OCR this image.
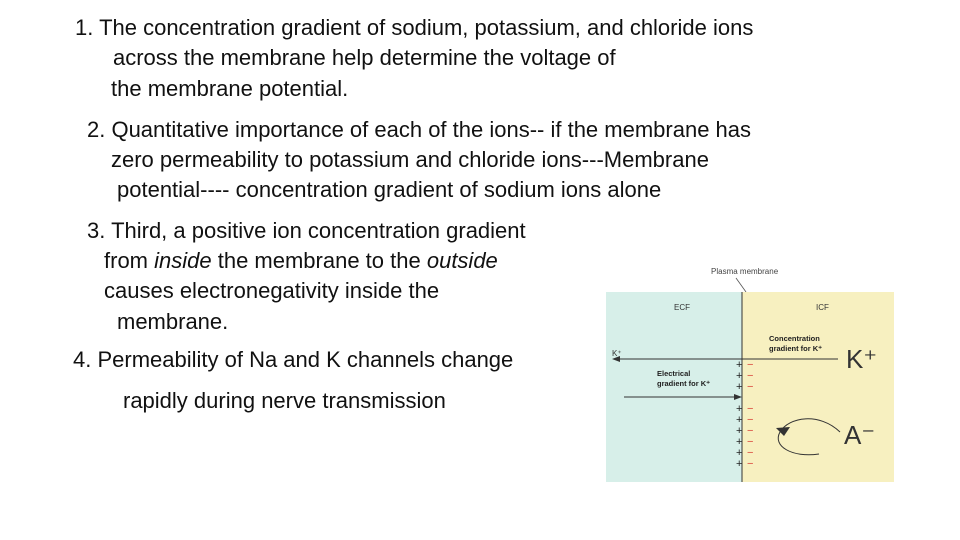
1. The concentration gradient of sodium, potassium, and chloride ions
across the membrane help determine the voltage of
the membrane potential.
2. Quantitative importance of each of the ions-- if the membrane has
zero permeability to potassium and chloride ions---Membrane
potential---- concentration gradient of sodium ions alone
3. Third, a positive ion concentration gradient
from inside the membrane to the outside
causes electronegativity inside the
membrane.
4. Permeability of Na and K channels change
rapidly during nerve transmission
Plasma membrane
ECF	ICF
Concentration
gradient for K⁺
K⁺	K⁺
Electrical
gradient for K⁺
+
+
+
+
+
+
+
+
+
−
−
−
−
−
−
−
−
−
A⁻
